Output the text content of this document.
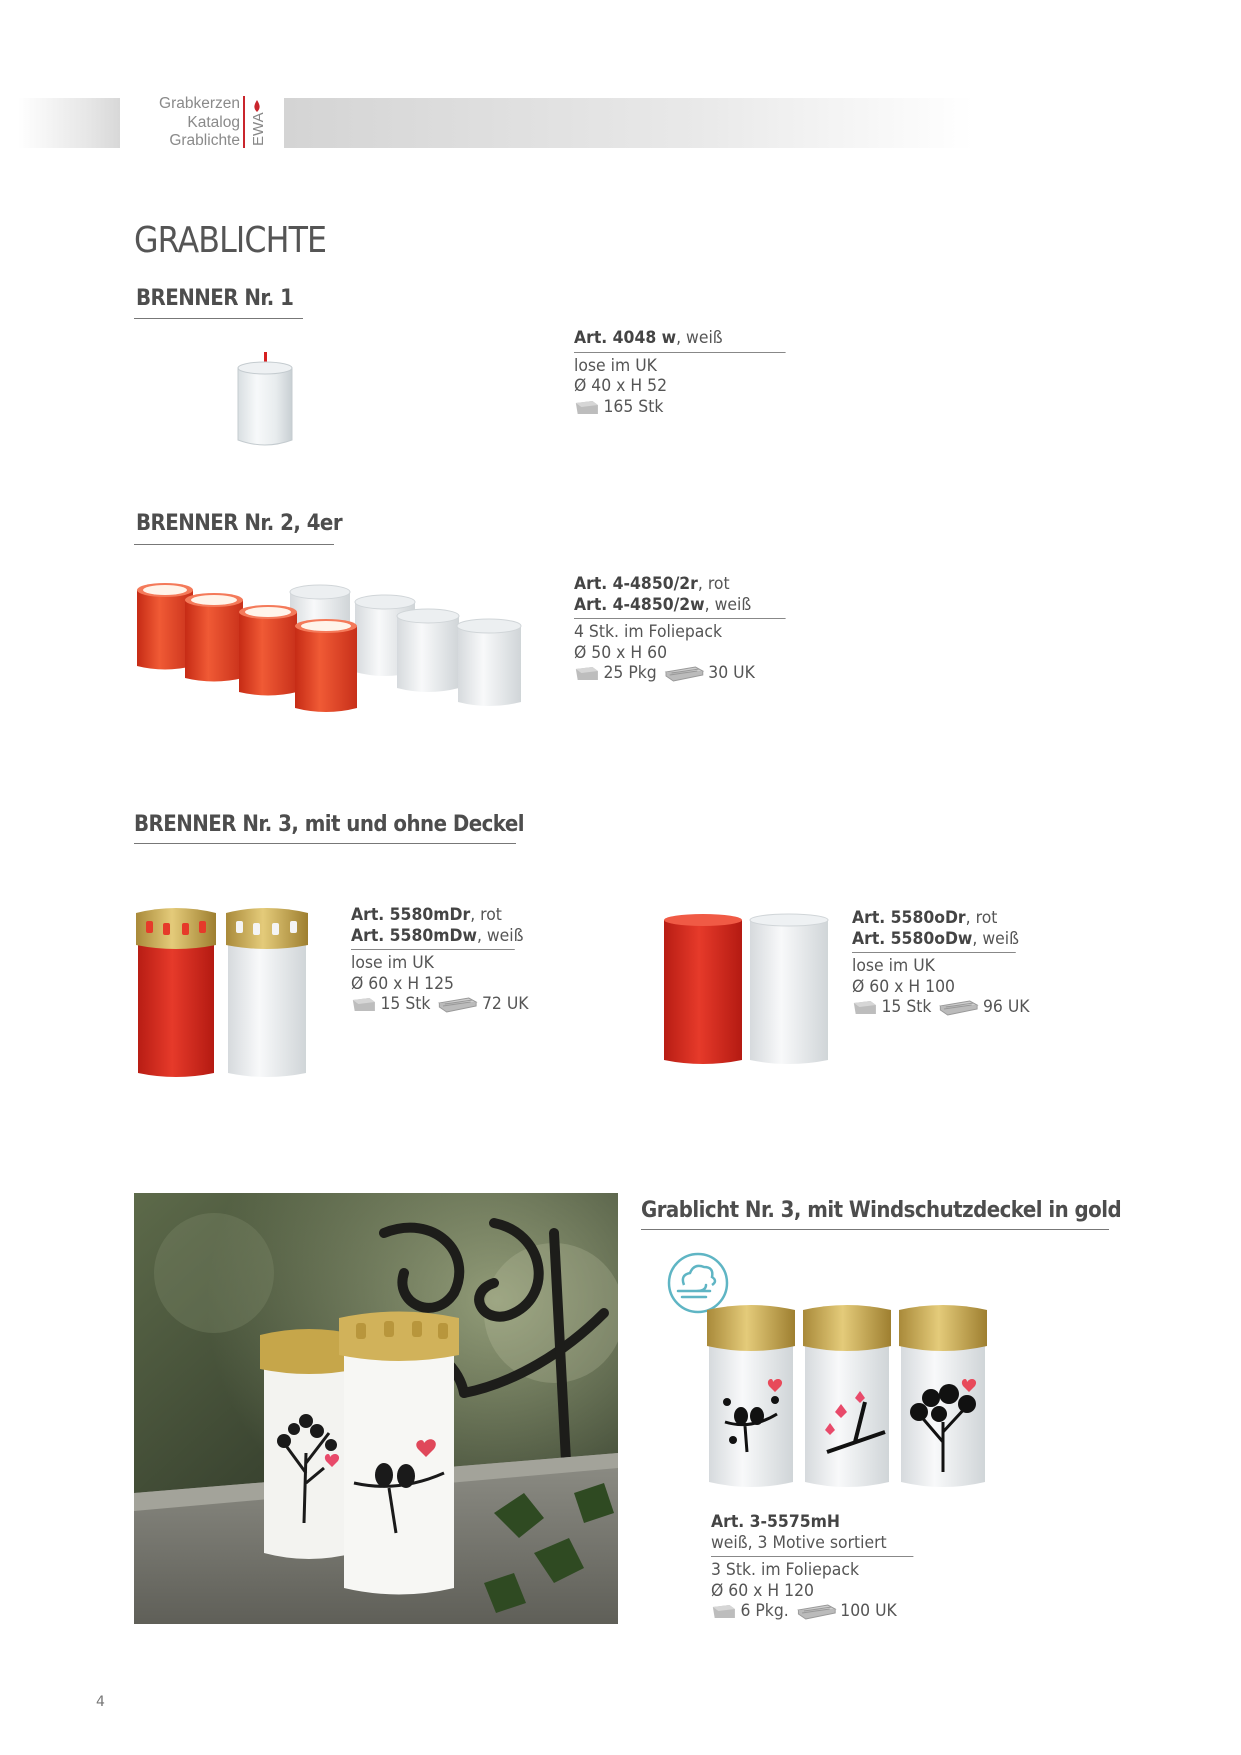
Grabkerzen
Katalog
Grablichte EWA
GRABLICHTE
BRENNER Nr. 1
Art. 4048 w, weiß
lose im UK
Ø 40 x H 52
165 Stk
BRENNER Nr. 2, 4er
Art. 4-4850/2r, rot
Art. 4-4850/2w, weiß
4 Stk. im Foliepack
Ø 50 x H 60
25 Pkg	30 UK
BRENNER Nr. 3, mit und ohne Deckel
Art. 5580mDr, rot
Art. 5580mDw, weiß
lose im UK
Ø 60 x H 125
15 Stk	72 UK
Art. 5580oDr, rot
Art. 5580oDw, weiß
lose im UK
Ø 60 x H 100
15 Stk	96 UK
Grablicht Nr. 3, mit Windschutzdeckel in gold
Art. 3-5575mH
weiß, 3 Motive sortiert
3 Stk. im Foliepack
Ø 60 x H 120
6 Pkg.	100 UK
4
